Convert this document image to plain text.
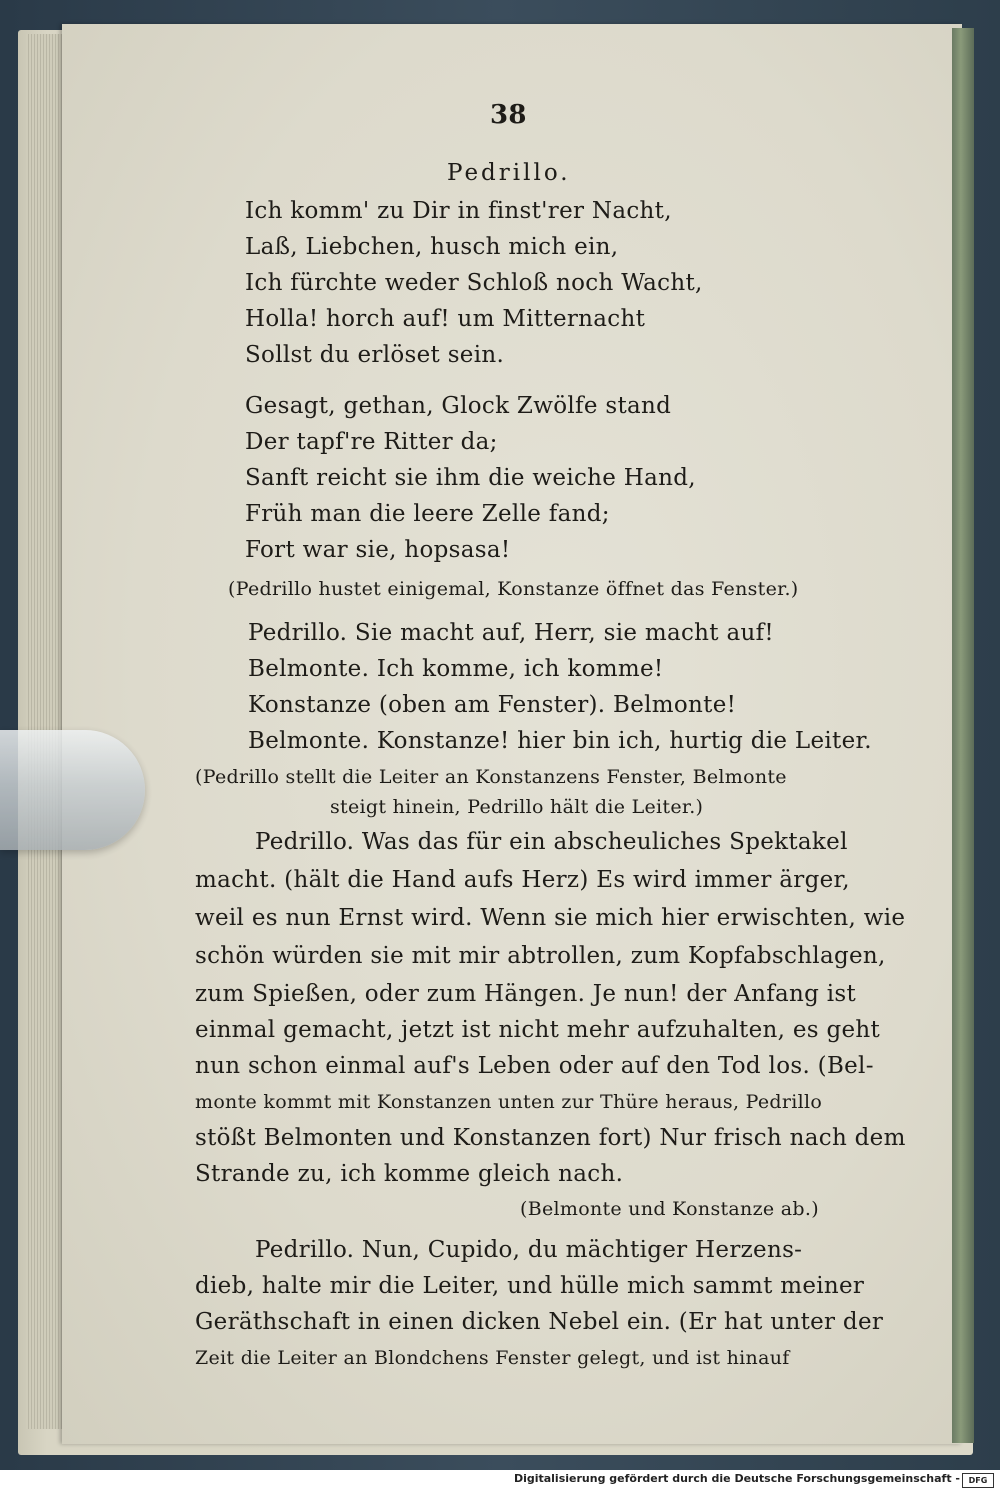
38
Pedrillo.
Ich komm' zu Dir in finst'rer Nacht,
Laß, Liebchen, husch mich ein,
Ich fürchte weder Schloß noch Wacht,
Holla! horch auf! um Mitternacht
Sollst du erlöset sein.
Gesagt, gethan, Glock Zwölfe stand
Der tapf're Ritter da;
Sanft reicht sie ihm die weiche Hand,
Früh man die leere Zelle fand;
Fort war sie, hopsasa!
(Pedrillo hustet einigemal, Konstanze öffnet das Fenster.)
Pedrillo. Sie macht auf, Herr, sie macht auf!
Belmonte. Ich komme, ich komme!
Konstanze (oben am Fenster). Belmonte!
Belmonte. Konstanze! hier bin ich, hurtig die Leiter.
(Pedrillo stellt die Leiter an Konstanzens Fenster, Belmonte
steigt hinein, Pedrillo hält die Leiter.)
Pedrillo. Was das für ein abscheuliches Spektakel
macht. (hält die Hand aufs Herz) Es wird immer ärger,
weil es nun Ernst wird. Wenn sie mich hier erwischten, wie
schön würden sie mit mir abtrollen, zum Kopfabschlagen,
zum Spießen, oder zum Hängen. Je nun! der Anfang ist
einmal gemacht, jetzt ist nicht mehr aufzuhalten, es geht
nun schon einmal auf's Leben oder auf den Tod los. (Bel-
monte kommt mit Konstanzen unten zur Thüre heraus, Pedrillo
stößt Belmonten und Konstanzen fort) Nur frisch nach dem
Strande zu, ich komme gleich nach.
(Belmonte und Konstanze ab.)
Pedrillo. Nun, Cupido, du mächtiger Herzens-
dieb, halte mir die Leiter, und hülle mich sammt meiner
Geräthschaft in einen dicken Nebel ein. (Er hat unter der
Zeit die Leiter an Blondchens Fenster gelegt, und ist hinauf
Digitalisierung gefördert durch die Deutsche Forschungsgemeinschaft -	DFG
